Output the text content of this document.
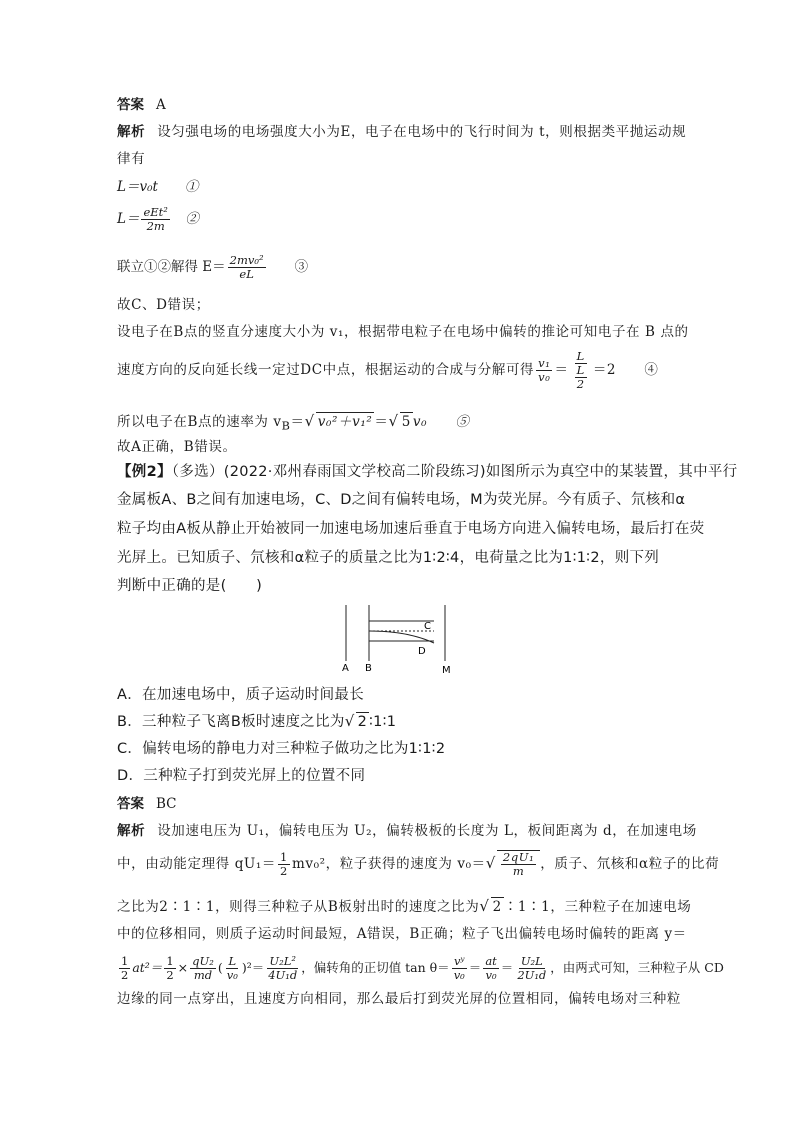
答案 A
解析 设匀强电场的电场强度大小为E，电子在电场中的飞行时间为 t，则根据类平抛运动规
律有
L＝v₀t　　①
$L= \frac{\text{eEt²}}{2m}$ 　②
联立①②解得 $E= \frac{\text{2mv₀²}}{eL}$ 　　③
故C、D错误；
设电子在B点的竖直分速度大小为 v₁，根据带电粒子在电场中偏转的推论可知电子在 B 点的
速度方向的反向延长线一定过DC中点，根据运动的合成与分解可得 $\frac{\text{v₁}}{\text{v₀}} = \frac{L}{\frac{L}{2}} =2$　　④
所以电子在B点的速率为 $v_B=√$ v₀²＋v₁² ＝√ 5 v₀　　⑤
故A正确，B错误。
【例2】（多选）(2022·邓州春雨国文学校高二阶段练习)如图所示为真空中的某装置，其中平行
金属板A、B之间有加速电场，C、D之间有偏转电场，M为荧光屏。今有质子、氘核和α
粒子均由A板从静止开始被同一加速电场加速后垂直于电场方向进入偏转电场，最后打在荧
光屏上。已知质子、氘核和α粒子的质量之比为1∶2∶4，电荷量之比为1∶1∶2，则下列
判断中正确的是(　　)
A B
C
D
M
A．在加速电场中，质子运动时间最长
B．三种粒子飞离B板时速度之比为√ 2 ∶1∶1
C．偏转电场的静电力对三种粒子做功之比为1∶1∶2
D．三种粒子打到荧光屏上的位置不同
答案 BC
解析 设加速电压为 U₁，偏转电压为 U₂，偏转极板的长度为 L，板间距离为 d，在加速电场
中，由动能定理得 $qU_1= \frac{1}{2} mv_0^2$，粒子获得的速度为 $v_0=√ \frac{\text{2qU₁}}{m}$ ，质子、氘核和α粒子的比荷
之比为2∶1∶1，则得三种粒子从B板射出时的速度之比为√ 2 ∶1∶1，三种粒子在加速电场
中的位移相同，则质子运动时间最短，A错误，B正确；粒子飞出偏转电场时偏转的距离 y＝
$\frac{1}{2} at^2= \frac{1}{2} \times \frac{\text{qU₂}}{md}$ ( $\frac{L}{\text{v₀}} )^2= \frac{\text{U₂L²}}{\text{4U₁d}}$ ，偏转角的正切值 $\tan \theta= \frac{\text{vʸ}}{\text{v₀}} = \frac{at}{\text{v₀}} = \frac{\text{U₂L}}{\text{2U₁d}}$ ，由两式可知，三种粒子从 CD
边缘的同一点穿出，且速度方向相同，那么最后打到荧光屏的位置相同，偏转电场对三种粒
